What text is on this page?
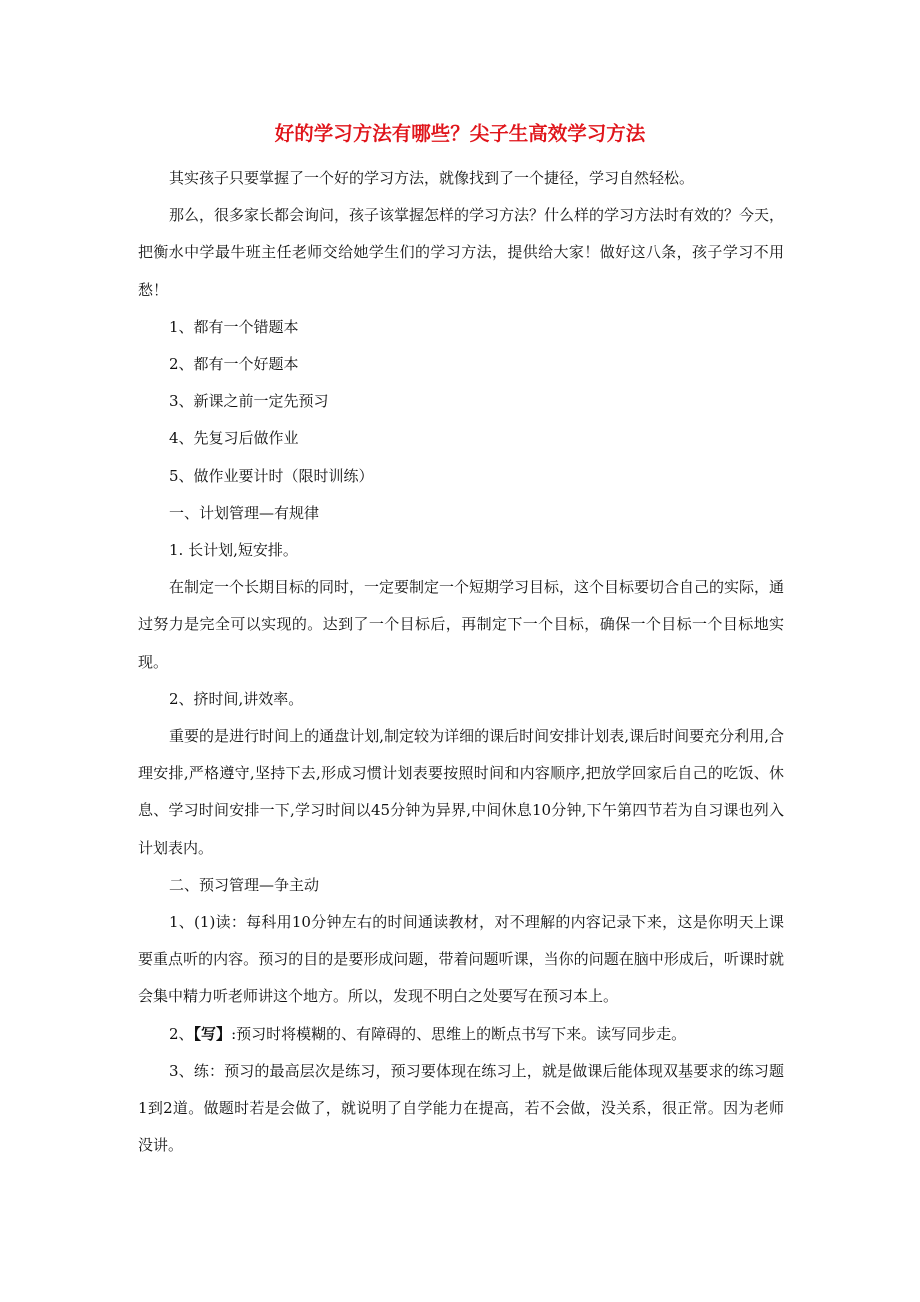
好的学习方法有哪些？尖子生高效学习方法

其实孩子只要掌握了一个好的学习方法，就像找到了一个捷径，学习自然轻松。

那么，很多家长都会询问，孩子该掌握怎样的学习方法？什么样的学习方法时有效的？今天，把衡水中学最牛班主任老师交给她学生们的学习方法，提供给大家！做好这八条，孩子学习不用愁！

1、都有一个错题本

2、都有一个好题本

3、新课之前一定先预习

4、先复习后做作业

5、做作业要计时（限时训练）

一、计划管理—有规律

1. 长计划,短安排。

在制定一个长期目标的同时，一定要制定一个短期学习目标，这个目标要切合自己的实际，通过努力是完全可以实现的。达到了一个目标后，再制定下一个目标，确保一个目标一个目标地实现。

2、挤时间,讲效率。

重要的是进行时间上的通盘计划,制定较为详细的课后时间安排计划表,课后时间要充分利用,合理安排,严格遵守,坚持下去,形成习惯计划表要按照时间和内容顺序,把放学回家后自己的吃饭、休息、学习时间安排一下,学习时间以45分钟为异界,中间休息10分钟,下午第四节若为自习课也列入计划表内。

二、预习管理—争主动

1、(1)读：每科用10分钟左右的时间通读教材，对不理解的内容记录下来，这是你明天上课要重点听的内容。预习的目的是要形成问题，带着问题听课，当你的问题在脑中形成后，听课时就会集中精力听老师讲这个地方。所以，发现不明白之处要写在预习本上。

2、【写】:预习时将模糊的、有障碍的、思维上的断点书写下来。读写同步走。

3、练：预习的最高层次是练习，预习要体现在练习上，就是做课后能体现双基要求的练习题1到2道。做题时若是会做了，就说明了自学能力在提高，若不会做，没关系，很正常。因为老师没讲。
